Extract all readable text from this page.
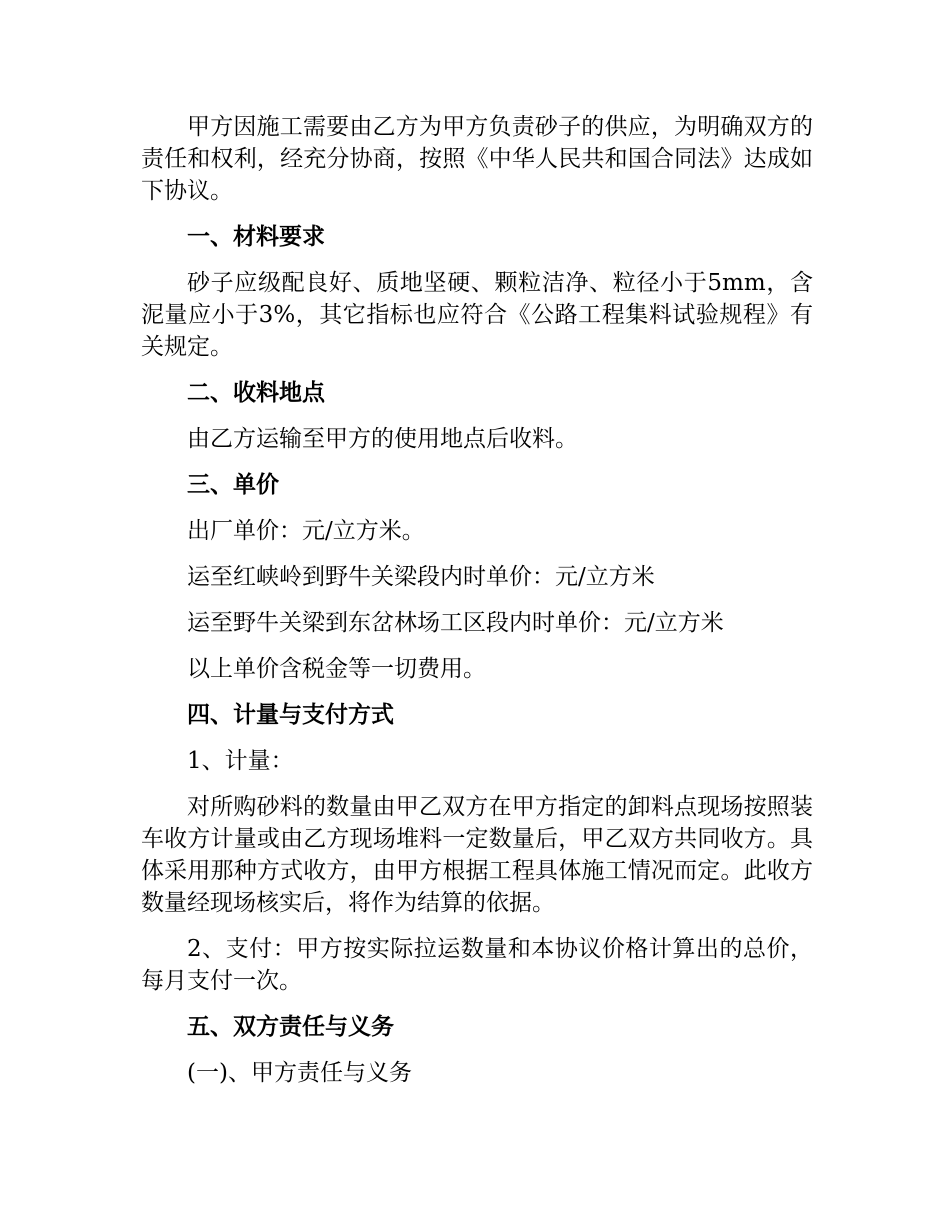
甲方因施工需要由乙方为甲方负责砂子的供应，为明确双方的责任和权利，经充分协商，按照《中华人民共和国合同法》达成如下协议。

一、材料要求

砂子应级配良好、质地坚硬、颗粒洁净、粒径小于5mm，含泥量应小于3%，其它指标也应符合《公路工程集料试验规程》有关规定。

二、收料地点

由乙方运输至甲方的使用地点后收料。

三、单价

出厂单价：元/立方米。

运至红峡岭到野牛关梁段内时单价：元/立方米

运至野牛关梁到东岔林场工区段内时单价：元/立方米

以上单价含税金等一切费用。

四、计量与支付方式

1、计量：

对所购砂料的数量由甲乙双方在甲方指定的卸料点现场按照装车收方计量或由乙方现场堆料一定数量后，甲乙双方共同收方。具体采用那种方式收方，由甲方根据工程具体施工情况而定。此收方数量经现场核实后，将作为结算的依据。

2、支付：甲方按实际拉运数量和本协议价格计算出的总价，每月支付一次。

五、双方责任与义务

(一)、甲方责任与义务
